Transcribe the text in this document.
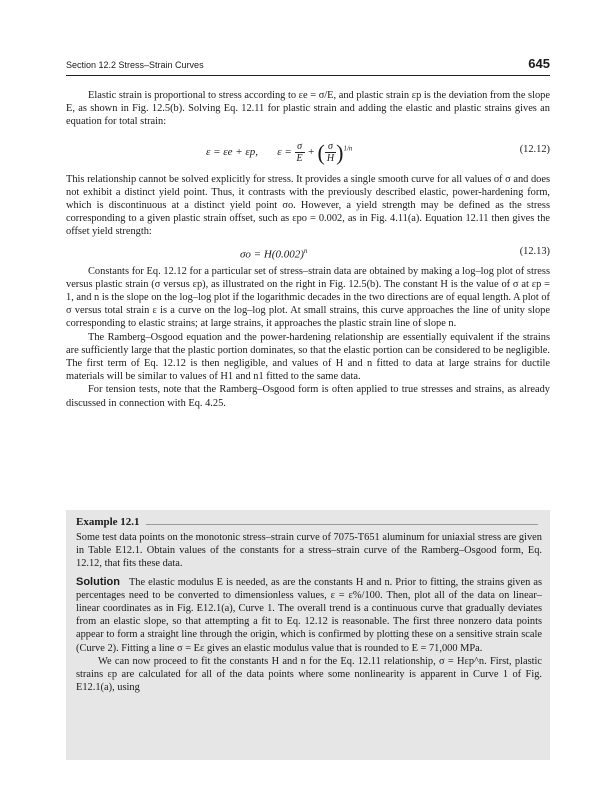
Section 12.2 Stress–Strain Curves	645

Elastic strain is proportional to stress according to εe = σ/E, and plastic strain εp is the deviation from the slope E, as shown in Fig. 12.5(b). Solving Eq. 12.11 for plastic strain and adding the elastic and plastic strains gives an equation for total strain:

ε = εe + εp, $\varepsilon = \frac{\sigma}{E}$ + ( $\frac{\sigma}{H} )^{1/n}$	(12.12)

This relationship cannot be solved explicitly for stress. It provides a single smooth curve for all values of σ and does not exhibit a distinct yield point. Thus, it contrasts with the previously described elastic, power-hardening form, which is discontinuous at a distinct yield point σo. However, a yield strength may be defined as the stress corresponding to a given plastic strain offset, such as εpo = 0.002, as in Fig. 4.11(a). Equation 12.11 then gives the offset yield strength:

$\sigma o = H(0.002)^n$	(12.13)

Constants for Eq. 12.12 for a particular set of stress–strain data are obtained by making a log–log plot of stress versus plastic strain (σ versus εp), as illustrated on the right in Fig. 12.5(b). The constant H is the value of σ at εp = 1, and n is the slope on the log–log plot if the logarithmic decades in the two directions are of equal length. A plot of σ versus total strain ε is a curve on the log–log plot. At small strains, this curve approaches the line of unity slope corresponding to elastic strains; at large strains, it approaches the plastic strain line of slope n.

The Ramberg–Osgood equation and the power-hardening relationship are essentially equivalent if the strains are sufficiently large that the plastic portion dominates, so that the elastic portion can be considered to be negligible. The first term of Eq. 12.12 is then negligible, and values of H and n fitted to data at large strains for ductile materials will be similar to values of H1 and n1 fitted to the same data.

For tension tests, note that the Ramberg–Osgood form is often applied to true stresses and strains, as already discussed in connection with Eq. 4.25.

Example 12.1

Some test data points on the monotonic stress–strain curve of 7075-T651 aluminum for uniaxial stress are given in Table E12.1. Obtain values of the constants for a stress–strain curve of the Ramberg–Osgood form, Eq. 12.12, that fits these data.

Solution The elastic modulus E is needed, as are the constants H and n. Prior to fitting, the strains given as percentages need to be converted to dimensionless values, ε = ε%/100. Then, plot all of the data on linear–linear coordinates as in Fig. E12.1(a), Curve 1. The overall trend is a continuous curve that gradually deviates from an elastic slope, so that attempting a fit to Eq. 12.12 is reasonable. The first three nonzero data points appear to form a straight line through the origin, which is confirmed by plotting these on a sensitive strain scale (Curve 2). Fitting a line σ = Eε gives an elastic modulus value that is rounded to E = 71,000 MPa.

We can now proceed to fit the constants H and n for the Eq. 12.11 relationship, σ = Hεp^n. First, plastic strains εp are calculated for all of the data points where some nonlinearity is apparent in Curve 1 of Fig. E12.1(a), using
